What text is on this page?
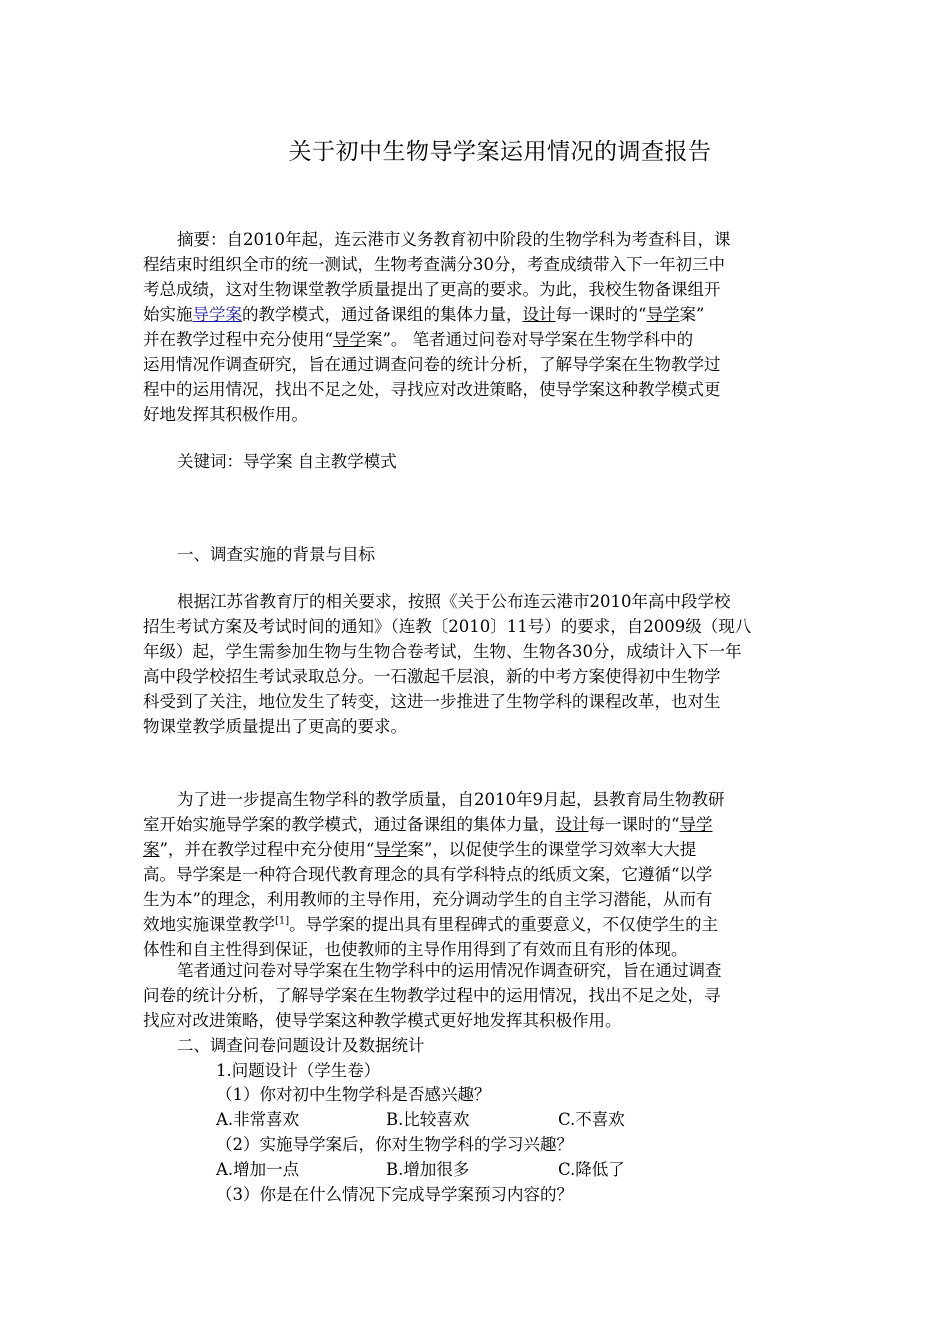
关于初中生物导学案运用情况的调查报告
摘要：自2010年起，连云港市义务教育初中阶段的生物学科为考查科目，课
程结束时组织全市的统一测试，生物考查满分30分，考查成绩带入下一年初三中
考总成绩，这对生物课堂教学质量提出了更高的要求。为此，我校生物备课组开
始实施导学案的教学模式，通过备课组的集体力量，设计每一课时的“导学案”
并在教学过程中充分使用“导学案”。 笔者通过问卷对导学案在生物学科中的
运用情况作调查研究，旨在通过调查问卷的统计分析，了解导学案在生物教学过
程中的运用情况，找出不足之处，寻找应对改进策略，使导学案这种教学模式更
好地发挥其积极作用。
关键词：导学案 自主教学模式
一、调查实施的背景与目标
根据江苏省教育厅的相关要求，按照《关于公布连云港市2010年高中段学校
招生考试方案及考试时间的通知》（连教〔2010〕11号）的要求，自2009级（现八
年级）起，学生需参加生物与生物合卷考试，生物、生物各30分，成绩计入下一年
高中段学校招生考试录取总分。一石激起千层浪，新的中考方案使得初中生物学
科受到了关注，地位发生了转变，这进一步推进了生物学科的课程改革，也对生
物课堂教学质量提出了更高的要求。
为了进一步提高生物学科的教学质量，自2010年9月起，县教育局生物教研
室开始实施导学案的教学模式，通过备课组的集体力量，设计每一课时的“导学
案”，并在教学过程中充分使用“导学案”，以促使学生的课堂学习效率大大提
高。导学案是一种符合现代教育理念的具有学科特点的纸质文案，它遵循“以学
生为本”的理念，利用教师的主导作用，充分调动学生的自主学习潜能，从而有
效地实施课堂教学[1]。导学案的提出具有里程碑式的重要意义，不仅使学生的主
体性和自主性得到保证，也使教师的主导作用得到了有效而且有形的体现。
笔者通过问卷对导学案在生物学科中的运用情况作调查研究，旨在通过调查
问卷的统计分析，了解导学案在生物教学过程中的运用情况，找出不足之处，寻
找应对改进策略，使导学案这种教学模式更好地发挥其积极作用。
二、调查问卷问题设计及数据统计
1.问题设计（学生卷）
（1）你对初中生物学科是否感兴趣？
A.非常喜欢	B.比较喜欢	C.不喜欢
（2）实施导学案后，你对生物学科的学习兴趣？
A.增加一点	B.增加很多	C.降低了
（3）你是在什么情况下完成导学案预习内容的？
